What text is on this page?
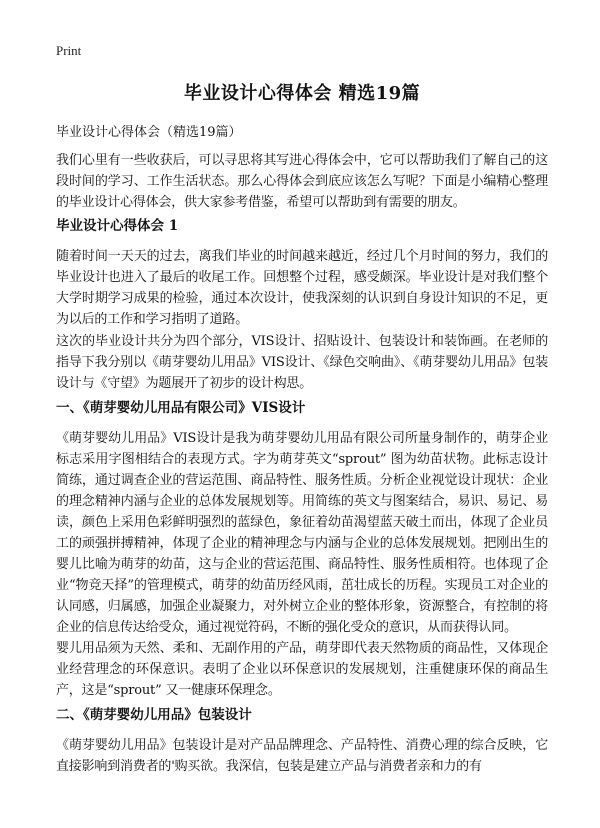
Print
毕业设计心得体会 精选19篇
毕业设计心得体会（精选19篇）

我们心里有一些收获后，可以寻思将其写进心得体会中，它可以帮助我们了解自己的这段时间的学习、工作生活状态。那么心得体会到底应该怎么写呢？下面是小编精心整理的毕业设计心得体会，供大家参考借鉴，希望可以帮助到有需要的朋友。

毕业设计心得体会 1

随着时间一天天的过去，离我们毕业的时间越来越近，经过几个月时间的努力，我们的毕业设计也进入了最后的收尾工作。回想整个过程，感受颇深。毕业设计是对我们整个大学时期学习成果的检验，通过本次设计，使我深刻的认识到自身设计知识的不足，更为以后的工作和学习指明了道路。

这次的毕业设计共分为四个部分，VIS设计、招贴设计、包装设计和装饰画。在老师的指导下我分别以《萌芽婴幼儿用品》VIS设计、《绿色交响曲》、《萌芽婴幼儿用品》包装设计与《守望》为题展开了初步的设计构思。

一、《萌芽婴幼儿用品有限公司》VIS设计

《萌芽婴幼儿用品》VIS设计是我为萌芽婴幼儿用品有限公司所量身制作的，萌芽企业标志采用字图相结合的表现方式。字为萌芽英文“sprout” 图为幼苗状物。此标志设计简练，通过调查企业的营运范围、商品特性、服务性质。分析企业视觉设计现状：企业的理念精神内涵与企业的总体发展规划等。用简练的英文与图案结合，易识、易记、易读，颜色上采用色彩鲜明强烈的蓝绿色，象征着幼苗渴望蓝天破土而出，体现了企业员工的顽强拼搏精神，体现了企业的精神理念与内涵与企业的总体发展规划。把刚出生的婴儿比喻为萌芽的幼苗，这与企业的营运范围、商品特性、服务性质相符。也体现了企业“物竞天择”的管理模式，萌芽的幼苗历经风雨，茁壮成长的历程。实现员工对企业的认同感，归属感，加强企业凝聚力，对外树立企业的整体形象，资源整合，有控制的将企业的信息传达给受众，通过视觉符码，不断的强化受众的意识，从而获得认同。

婴儿用品须为天然、柔和、无副作用的产品，萌芽即代表天然物质的商品性，又体现企业经营理念的环保意识。表明了企业以环保意识的发展规划，注重健康环保的商品生产，这是“sprout” 又一健康环保理念。

二、《萌芽婴幼儿用品》包装设计

《萌芽婴幼儿用品》包装设计是对产品品牌理念、产品特性、消费心理的综合反映，它直接影响到消费者的'购买欲。我深信，包装是建立产品与消费者亲和力的有
